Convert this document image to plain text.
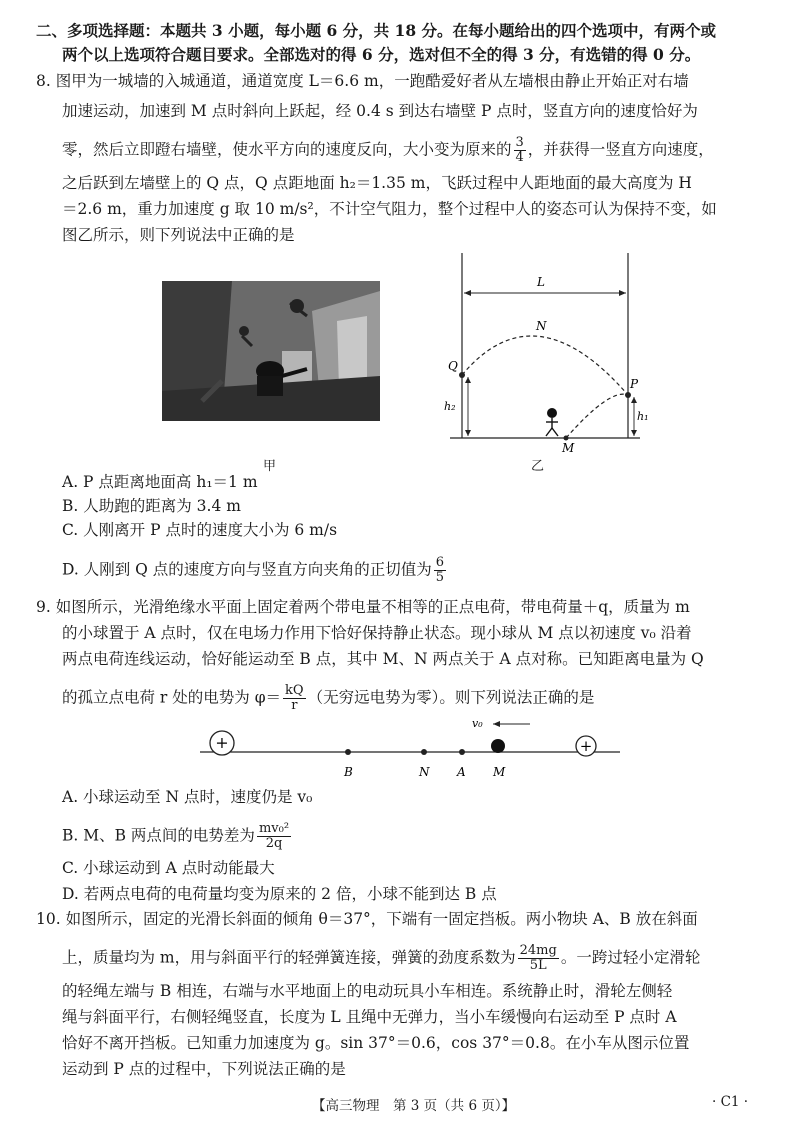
二、多项选择题：本题共 3 小题，每小题 6 分，共 18 分。在每小题给出的四个选项中，有两个或
两个以上选项符合题目要求。全部选对的得 6 分，选对但不全的得 3 分，有选错的得 0 分。
8. 图甲为一城墙的入城通道，通道宽度 L＝6.6 m，一跑酷爱好者从左墙根由静止开始正对右墙
加速运动，加速到 M 点时斜向上跃起，经 0.4 s 到达右墙壁 P 点时，竖直方向的速度恰好为
零，然后立即蹬右墙壁，使水平方向的速度反向，大小变为原来的 $\frac{3}{4}$ ，并获得一竖直方向速度，
之后跃到左墙壁上的 Q 点，Q 点距地面 h₂＝1.35 m，飞跃过程中人距地面的最大高度为 H
＝2.6 m，重力加速度 g 取 10 m/s²，不计空气阻力，整个过程中人的姿态可认为保持不变，如
图乙所示，则下列说法中正确的是
甲
L
N
Q
P
M
h₂
h₁
乙
A. P 点距离地面高 h₁＝1 m
B. 人助跑的距离为 3.4 m
C. 人刚离开 P 点时的速度大小为 6 m/s
D. 人刚到 Q 点的速度方向与竖直方向夹角的正切值为 $\frac{6}{5}$
9. 如图所示，光滑绝缘水平面上固定着两个带电量不相等的正点电荷，带电荷量＋q，质量为 m
的小球置于 A 点时，仅在电场力作用下恰好保持静止状态。现小球从 M 点以初速度 v₀ 沿着
两点电荷连线运动，恰好能运动至 B 点，其中 M、N 两点关于 A 点对称。已知距离电量为 Q
的孤立点电荷 r 处的电势为 $\varphi= \frac{kQ}{r}$ （无穷远电势为零）。则下列说法正确的是
+	+
v₀
B	N A M
A. 小球运动至 N 点时，速度仍是 v₀
B. M、B 两点间的电势差为 $\frac{\text{mv₀²}}{2q}$
C. 小球运动到 A 点时动能最大
D. 若两点电荷的电荷量均变为原来的 2 倍，小球不能到达 B 点
10. 如图所示，固定的光滑长斜面的倾角 θ＝37°，下端有一固定挡板。两小物块 A、B 放在斜面
上，质量均为 m，用与斜面平行的轻弹簧连接，弹簧的劲度系数为 $\frac{24mg}{5L}$ 。一跨过轻小定滑轮
的轻绳左端与 B 相连，右端与水平地面上的电动玩具小车相连。系统静止时，滑轮左侧轻
绳与斜面平行，右侧轻绳竖直，长度为 L 且绳中无弹力，当小车缓慢向右运动至 P 点时 A
恰好不离开挡板。已知重力加速度为 g。sin 37°＝0.6，cos 37°＝0.8。在小车从图示位置
运动到 P 点的过程中，下列说法正确的是
【高三物理　第 3 页（共 6 页）】	· C1 ·
